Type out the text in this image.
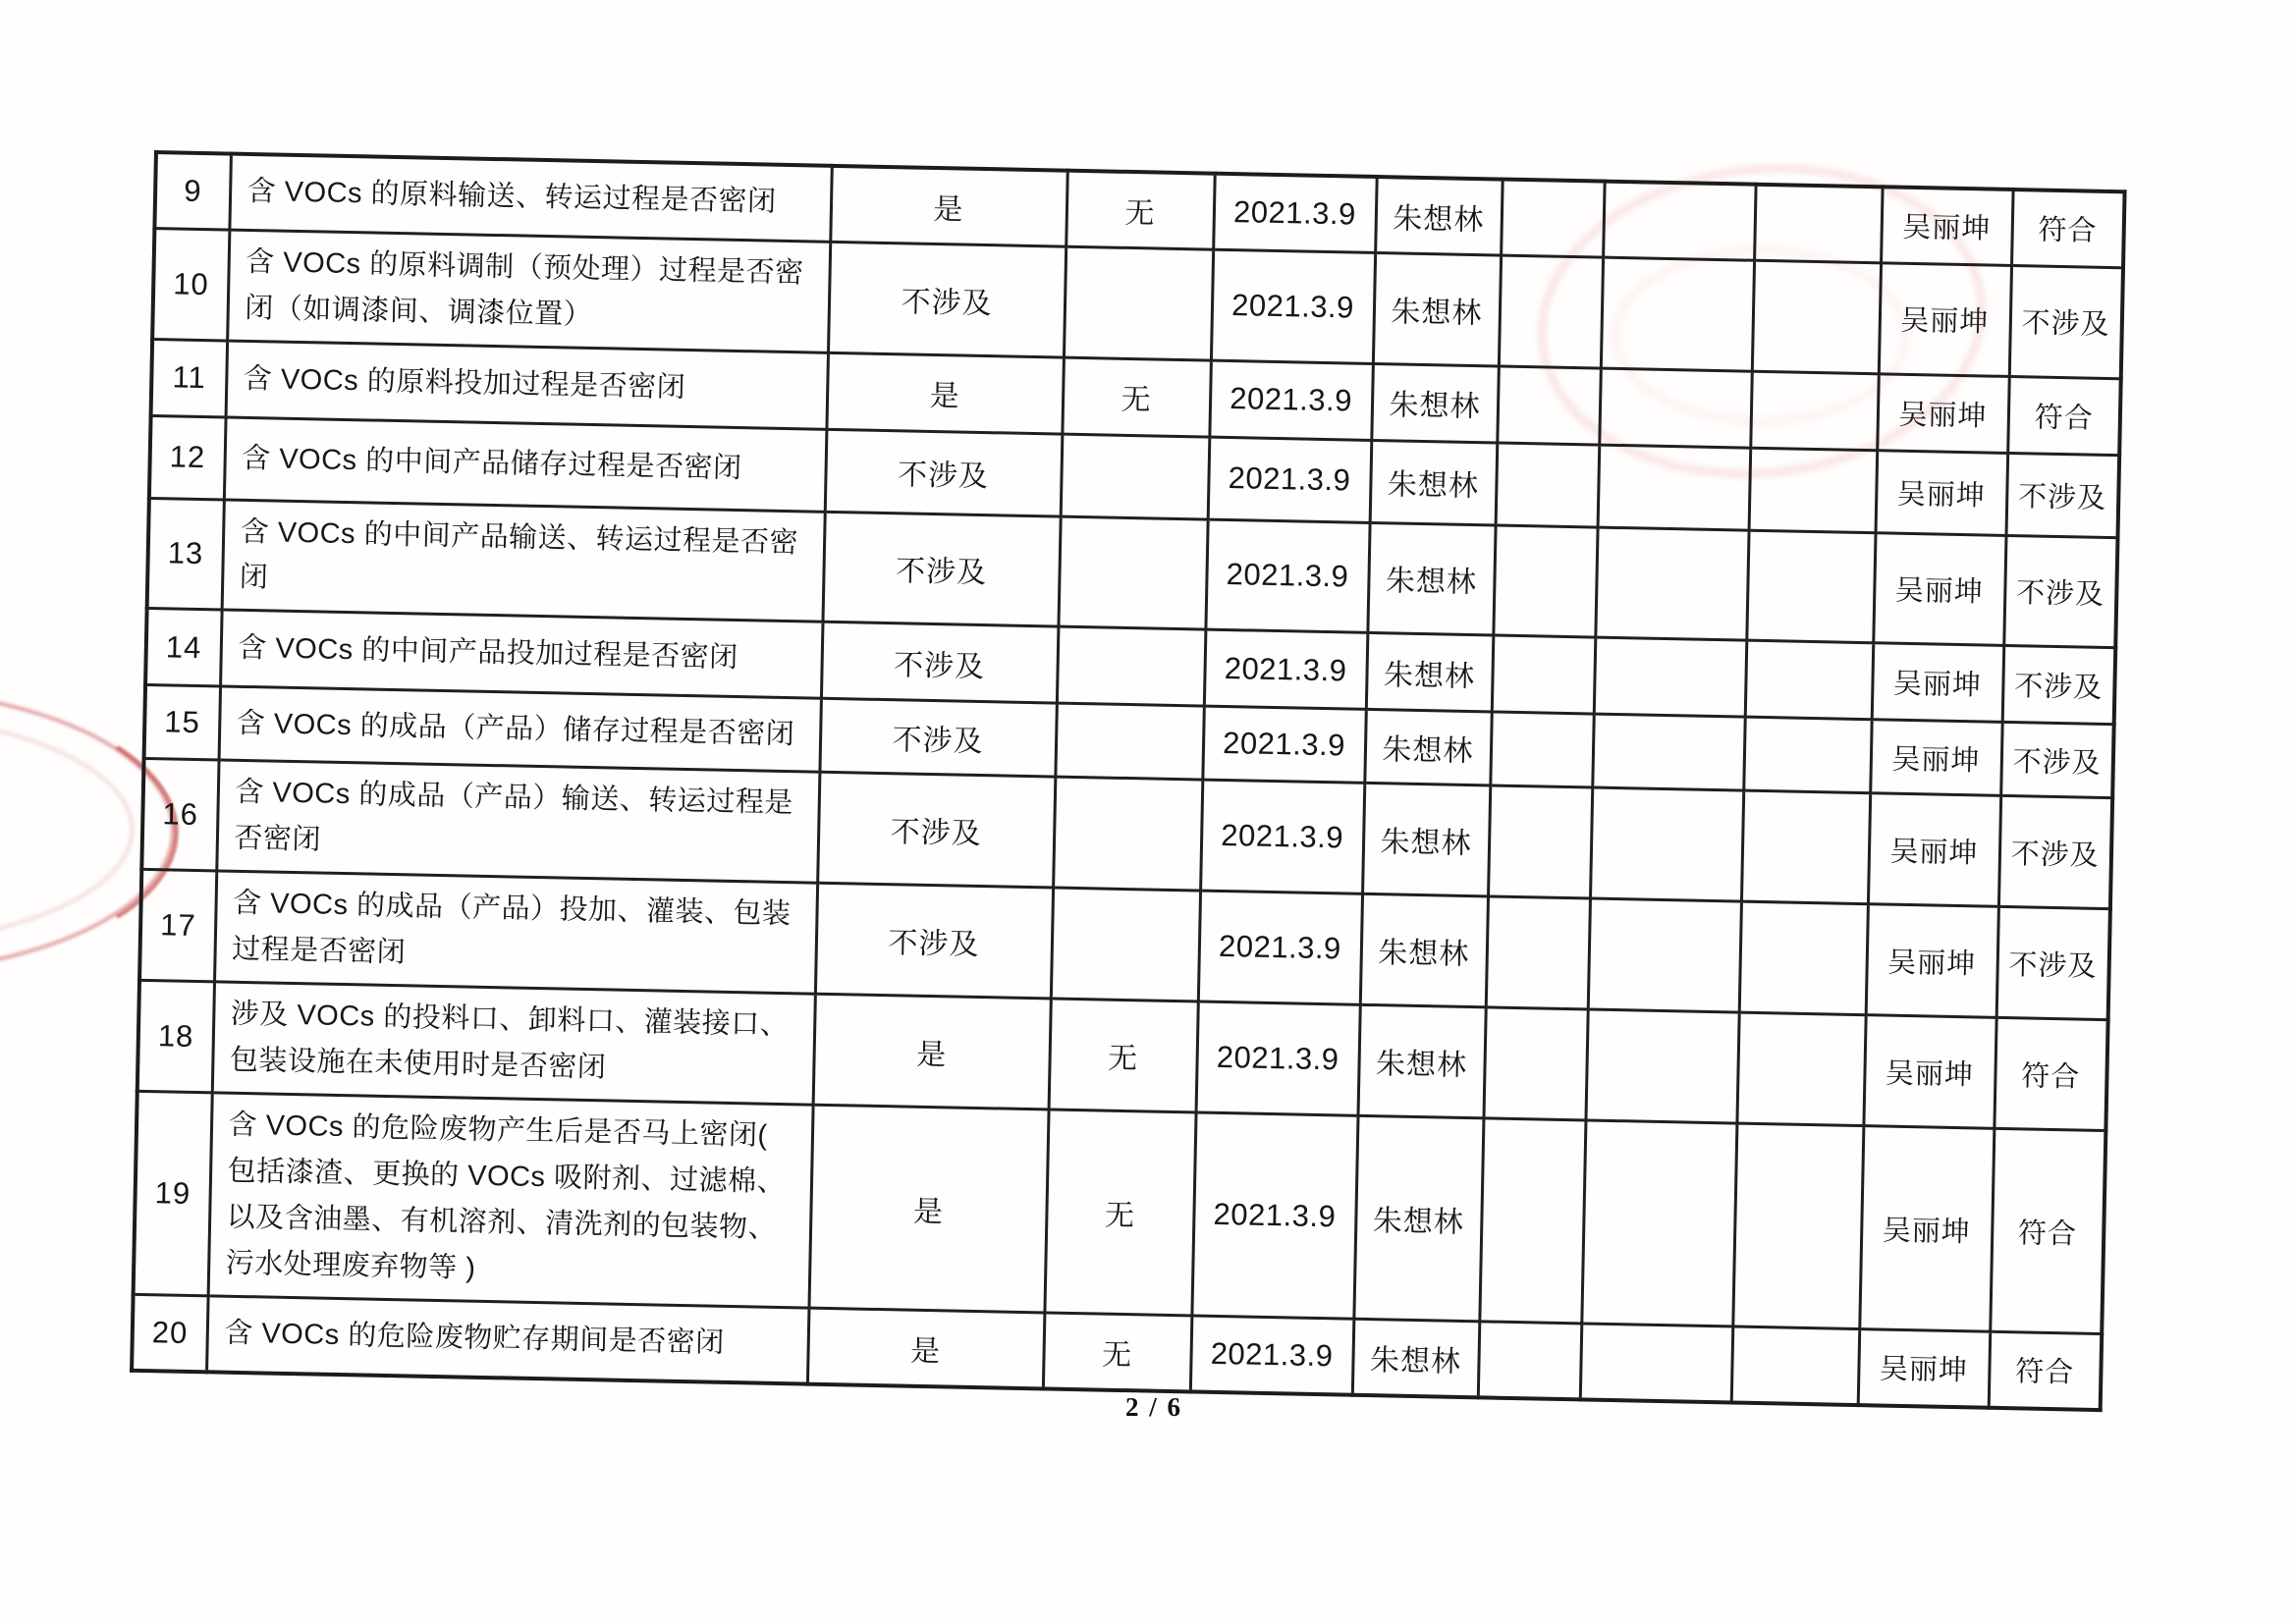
9	含 VOCs 的原料输送、转运过程是否密闭	是	无	2021.3.9	朱想林				吴丽坤	符合
10	含 VOCs 的原料调制（预处理）过程是否密闭（如调漆间、调漆位置）	不涉及		2021.3.9	朱想林				吴丽坤	不涉及
11	含 VOCs 的原料投加过程是否密闭	是	无	2021.3.9	朱想林				吴丽坤	符合
12	含 VOCs 的中间产品储存过程是否密闭	不涉及		2021.3.9	朱想林				吴丽坤	不涉及
13	含 VOCs 的中间产品输送、转运过程是否密闭	不涉及		2021.3.9	朱想林				吴丽坤	不涉及
14	含 VOCs 的中间产品投加过程是否密闭	不涉及		2021.3.9	朱想林				吴丽坤	不涉及
15	含 VOCs 的成品（产品）储存过程是否密闭	不涉及		2021.3.9	朱想林				吴丽坤	不涉及
16	含 VOCs 的成品（产品）输送、转运过程是否密闭	不涉及		2021.3.9	朱想林				吴丽坤	不涉及
17	含 VOCs 的成品（产品）投加、灌装、包装过程是否密闭	不涉及		2021.3.9	朱想林				吴丽坤	不涉及
18	涉及 VOCs 的投料口、卸料口、灌装接口、包装设施在未使用时是否密闭	是	无	2021.3.9	朱想林				吴丽坤	符合
19	含 VOCs 的危险废物产生后是否马上密闭( 包括漆渣、更换的 VOCs 吸附剂、过滤棉、以及含油墨、有机溶剂、清洗剂的包装物、污水处理废弃物等 )	是	无	2021.3.9	朱想林				吴丽坤	符合
20	含 VOCs 的危险废物贮存期间是否密闭	是	无	2021.3.9	朱想林				吴丽坤	符合
2 / 6
